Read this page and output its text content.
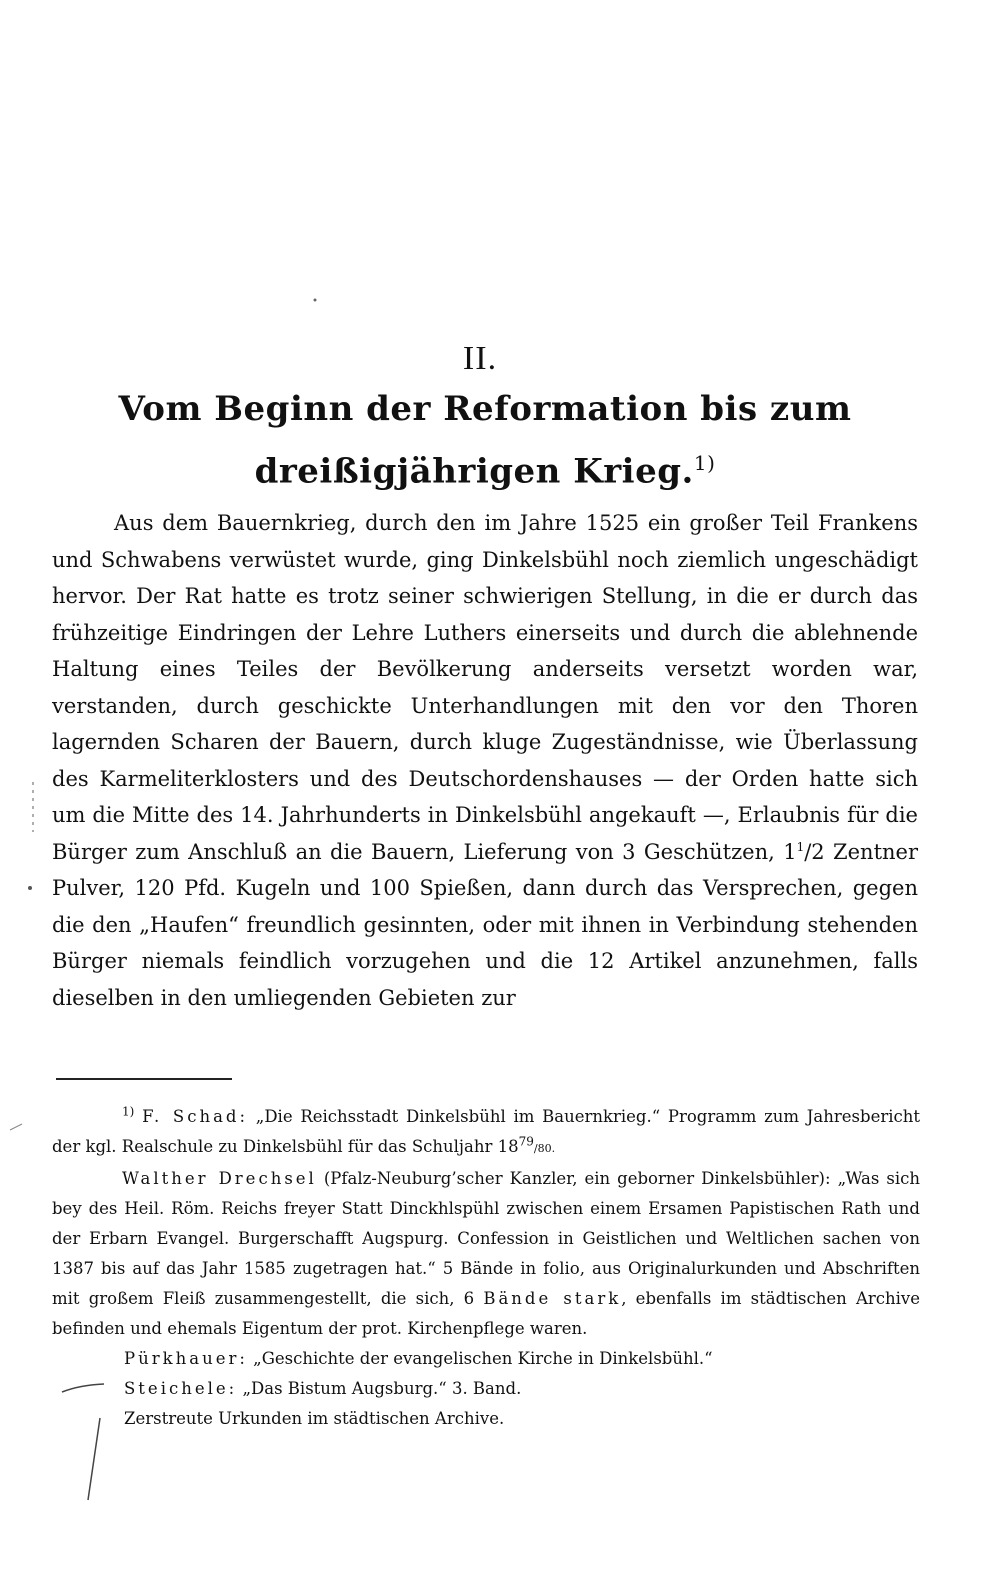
II.
Vom Beginn der Reformation bis zum dreißigjährigen Krieg.$^{1)}$

Aus dem Bauernkrieg, durch den im Jahre 1525 ein großer Teil Frankens und Schwabens verwüstet wurde, ging Dinkelsbühl noch ziemlich ungeschädigt hervor. Der Rat hatte es trotz seiner schwierigen Stellung, in die er durch das frühzeitige Eindringen der Lehre Luthers einerseits und durch die ablehnende Haltung eines Teiles der Bevölkerung anderseits versetzt worden war, verstanden, durch geschickte Unterhandlungen mit den vor den Thoren lagernden Scharen der Bauern, durch kluge Zugeständnisse, wie Überlassung des Karmeliterklosters und des Deutschordenshauses — der Orden hatte sich um die Mitte des 14. Jahrhunderts in Dinkelsbühl angekauft —, Erlaubnis für die Bürger zum Anschluß an die Bauern, Lieferung von 3 Geschützen, $1^1/2$ Zentner Pulver, 120 Pfd. Kugeln und 100 Spießen, dann durch das Versprechen, gegen die den „Haufen“ freundlich gesinnten, oder mit ihnen in Verbindung stehenden Bürger niemals feindlich vorzugehen und die 12 Artikel anzunehmen, falls dieselben in den umliegenden Gebieten zur

$^{1)}$ F. Schad: „Die Reichsstadt Dinkelsbühl im Bauernkrieg.“ Programm zum Jahresbericht der kgl. Realschule zu Dinkelsbühl für das Schuljahr $18^{79}/80$.

Walther Drechsel (Pfalz-Neuburg’scher Kanzler, ein geborner Dinkelsbühler): „Was sich bey des Heil. Röm. Reichs freyer Statt Dinckhlspühl zwischen einem Ersamen Papistischen Rath und der Erbarn Evangel. Burgerschafft Augspurg. Confession in Geistlichen und Weltlichen sachen von 1387 bis auf das Jahr 1585 zugetragen hat.“ 5 Bände in folio, aus Originalurkunden und Abschriften mit großem Fleiß zusammengestellt, die sich, 6 Bände stark, ebenfalls im städtischen Archive befinden und ehemals Eigentum der prot. Kirchenpflege waren.

Pürkhauer: „Geschichte der evangelischen Kirche in Dinkelsbühl.“
Steichele: „Das Bistum Augsburg.“ 3. Band.
Zerstreute Urkunden im städtischen Archive.
